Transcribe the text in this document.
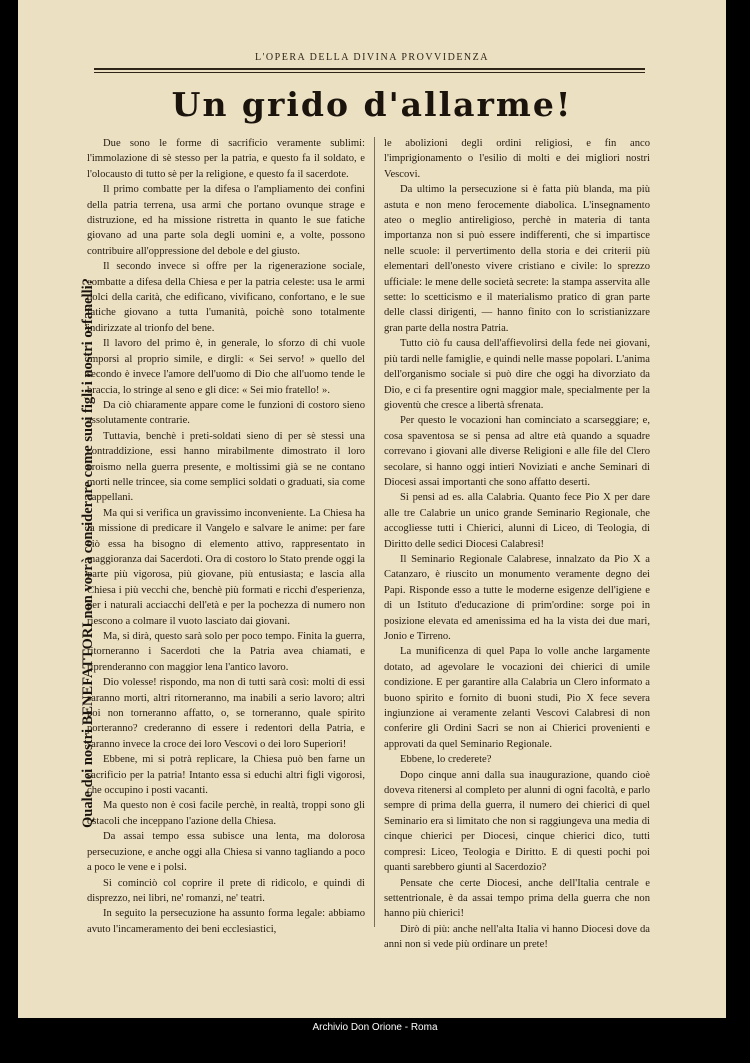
L'OPERA DELLA DIVINA PROVVIDENZA
Un grido d'allarme!
Quale dei nostri BENEFATTORI non vorrà considerare come suoi figli i nostri orfanelli?

Due sono le forme di sacrificio veramente sublimi: l'immolazione di sè stesso per la patria, e questo fa il soldato, e l'olocausto di tutto sè per la religione, e questo fa il sacerdote.

Il primo combatte per la difesa o l'ampliamento dei confini della patria terrena, usa armi che portano ovunque strage e distruzione, ed ha missione ristretta in quanto le sue fatiche giovano ad una parte sola degli uomini e, a volte, possono contribuire all'oppressione del debole e del giusto.

Il secondo invece si offre per la rigenerazione sociale, combatte a difesa della Chiesa e per la patria celeste: usa le armi dolci della carità, che edificano, vivificano, confortano, e le sue fatiche giovano a tutta l'umanità, poichè sono totalmente indirizzate al trionfo del bene.

Il lavoro del primo è, in generale, lo sforzo di chi vuole imporsi al proprio simile, e dirgli: « Sei servo! » quello del secondo è invece l'amore dell'uomo di Dio che all'uomo tende le braccia, lo stringe al seno e gli dice: « Sei mio fratello! ».

Da ciò chiaramente appare come le funzioni di costoro sieno assolutamente contrarie.

Tuttavia, benchè i preti-soldati sieno di per sè stessi una contraddizione, essi hanno mirabilmente dimostrato il loro eroismo nella guerra presente, e moltissimi già se ne contano morti nelle trincee, sia come semplici soldati o graduati, sia come cappellani.

Ma qui si verifica un gravissimo inconveniente. La Chiesa ha la missione di predicare il Vangelo e salvare le anime: per fare ciò essa ha bisogno di elemento attivo, rappresentato in maggioranza dai Sacerdoti. Ora di costoro lo Stato prende oggi la parte più vigorosa, più giovane, più entusiasta; e lascia alla Chiesa i più vecchi che, benchè più formati e ricchi d'esperienza, per i naturali acciacchi dell'età e per la pochezza di numero non riescono a colmare il vuoto lasciato dai giovani.

Ma, si dirà, questo sarà solo per poco tempo. Finita la guerra, ritorneranno i Sacerdoti che la Patria avea chiamati, e riprenderanno con maggior lena l'antico lavoro.

Dio volesse! rispondo, ma non di tutti sarà così: molti di essi saranno morti, altri ritorneranno, ma inabili a serio lavoro; altri poi non torneranno affatto, o, se torneranno, quale spirito porteranno? crederanno di essere i redentori della Patria, e saranno invece la croce dei loro Vescovi o dei loro Superiori!

Ebbene, mi si potrà replicare, la Chiesa può ben farne un sacrificio per la patria! Intanto essa si educhi altri figli vigorosi, che occupino i posti vacanti.

Ma questo non è così facile perchè, in realtà, troppi sono gli ostacoli che inceppano l'azione della Chiesa.

Da assai tempo essa subisce una lenta, ma dolorosa persecuzione, e anche oggi alla Chiesa si vanno tagliando a poco a poco le vene e i polsi.

Si cominciò col coprire il prete di ridicolo, e quindi di disprezzo, nei libri, ne' romanzi, ne' teatri.

In seguito la persecuzione ha assunto forma legale: abbiamo avuto l'incameramento dei beni ecclesiastici,

le abolizioni degli ordini religiosi, e fin anco l'imprigionamento o l'esilio di molti e dei migliori nostri Vescovi.

Da ultimo la persecuzione si è fatta più blanda, ma più astuta e non meno ferocemente diabolica. L'insegnamento ateo o meglio antireligioso, perchè in materia di tanta importanza non si può essere indifferenti, che si impartisce nelle scuole: il pervertimento della storia e dei criterii più elementari dell'onesto vivere cristiano e civile: lo sprezzo ufficiale: le mene delle società secrete: la stampa asservita alle sette: lo scetticismo e il materialismo pratico di gran parte delle classi dirigenti, — hanno finito con lo scristianizzare gran parte della nostra Patria.

Tutto ciò fu causa dell'affievolirsi della fede nei giovani, più tardi nelle famiglie, e quindi nelle masse popolari. L'anima dell'organismo sociale si può dire che oggi ha divorziato da Dio, e ci fa presentire ogni maggior male, specialmente per la gioventù che cresce a libertà sfrenata.

Per questo le vocazioni han cominciato a scarseggiare; e, cosa spaventosa se si pensa ad altre età quando a squadre correvano i giovani alle diverse Religioni e alle file del Clero secolare, si hanno oggi intieri Noviziati e anche Seminari di Diocesi assai importanti che sono affatto deserti.

Si pensi ad es. alla Calabria. Quanto fece Pio X per dare alle tre Calabrie un unico grande Seminario Regionale, che accogliesse tutti i Chierici, alunni di Liceo, di Teologia, di Diritto delle sedici Diocesi Calabresi!

Il Seminario Regionale Calabrese, innalzato da Pio X a Catanzaro, è riuscito un monumento veramente degno dei Papi. Risponde esso a tutte le moderne esigenze dell'igiene e di un Istituto d'educazione di prim'ordine: sorge poi in posizione elevata ed amenissima ed ha la vista dei due mari, Jonio e Tirreno.

La munificenza di quel Papa lo volle anche largamente dotato, ad agevolare le vocazioni dei chierici di umile condizione. E per garantire alla Calabria un Clero informato a buono spirito e fornito di buoni studi, Pio X fece severa ingiunzione ai veramente zelanti Vescovi Calabresi di non conferire gli Ordini Sacri se non ai Chierici provenienti e approvati da quel Seminario Regionale.

Ebbene, lo crederete?

Dopo cinque anni dalla sua inaugurazione, quando cioè doveva ritenersi al completo per alunni di ogni facoltà, e parlo sempre di prima della guerra, il numero dei chierici di quel Seminario era sì limitato che non si raggiungeva una media di cinque chierici per Diocesi, cinque chierici dico, tutti compresi: Liceo, Teologia e Diritto. E di questi pochi poi quanti sarebbero giunti al Sacerdozio?

Pensate che certe Diocesi, anche dell'Italia centrale e settentrionale, è da assai tempo prima della guerra che non hanno più chierici!

Dirò di più: anche nell'alta Italia vi hanno Diocesi dove da anni non si vede più ordinare un prete!

Archivio Don Orione - Roma
